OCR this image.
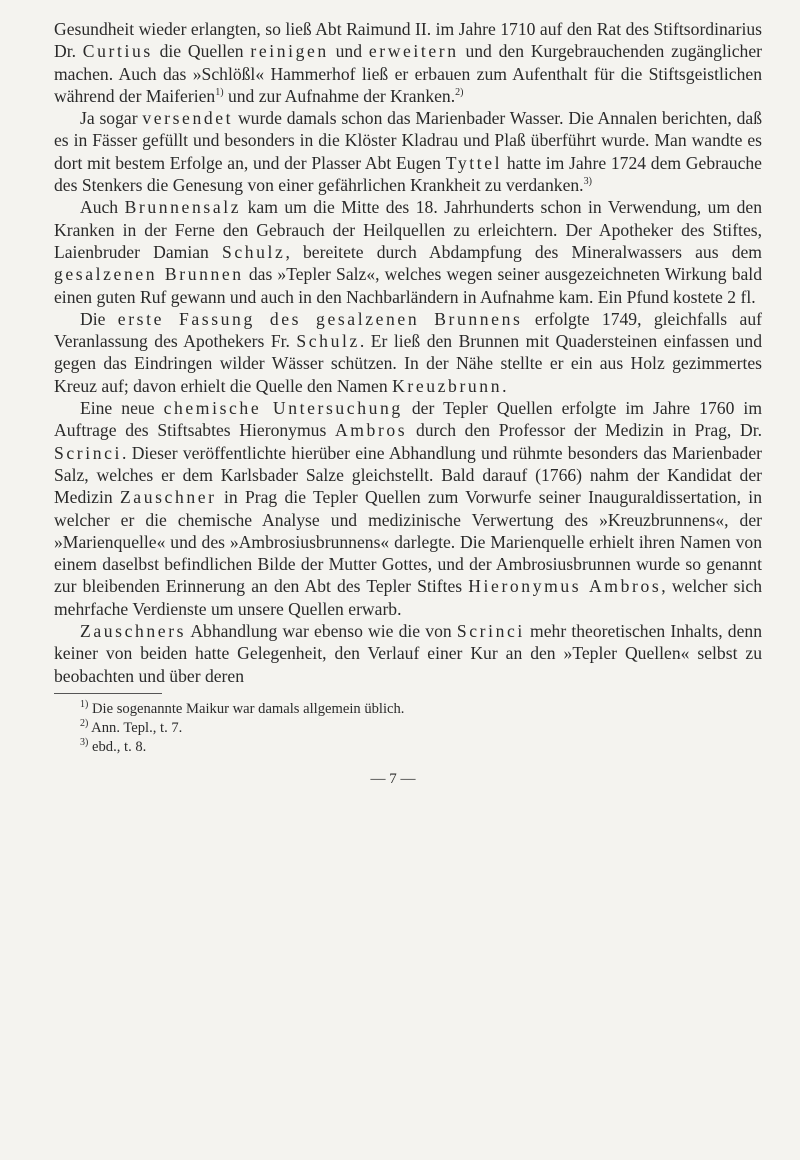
Gesundheit wieder erlangten, so ließ Abt Raimund II. im Jahre 1710 auf den Rat des Stiftsordinarius Dr. Curtius die Quellen reinigen und erweitern und den Kurgebrauchenden zugänglicher machen. Auch das »Schlößl« Hammerhof ließ er erbauen zum Aufenthalt für die Stiftsgeistlichen während der Maiferien$^{1)}$ und zur Aufnahme der Kranken.$^{2)}$

Ja sogar versendet wurde damals schon das Marienbader Wasser. Die Annalen berichten, daß es in Fässer gefüllt und besonders in die Klöster Kladrau und Plaß überführt wurde. Man wandte es dort mit bestem Erfolge an, und der Plasser Abt Eugen Tyttel hatte im Jahre 1724 dem Gebrauche des Stenkers die Genesung von einer gefährlichen Krankheit zu verdanken.$^{3)}$

Auch Brunnensalz kam um die Mitte des 18. Jahrhunderts schon in Verwendung, um den Kranken in der Ferne den Gebrauch der Heilquellen zu erleichtern. Der Apotheker des Stiftes, Laienbruder Damian Schulz, bereitete durch Abdampfung des Mineralwassers aus dem gesalzenen Brunnen das »Tepler Salz«, welches wegen seiner ausgezeichneten Wirkung bald einen guten Ruf gewann und auch in den Nachbarländern in Aufnahme kam. Ein Pfund kostete 2 fl.

Die erste Fassung des gesalzenen Brunnens erfolgte 1749, gleichfalls auf Veranlassung des Apothekers Fr. Schulz. Er ließ den Brunnen mit Quadersteinen einfassen und gegen das Eindringen wilder Wässer schützen. In der Nähe stellte er ein aus Holz gezimmertes Kreuz auf; davon erhielt die Quelle den Namen Kreuzbrunn.

Eine neue chemische Untersuchung der Tepler Quellen erfolgte im Jahre 1760 im Auftrage des Stiftsabtes Hieronymus Ambros durch den Professor der Medizin in Prag, Dr. Scrinci. Dieser veröffentlichte hierüber eine Abhandlung und rühmte besonders das Marienbader Salz, welches er dem Karlsbader Salze gleichstellt. Bald darauf (1766) nahm der Kandidat der Medizin Zauschner in Prag die Tepler Quellen zum Vorwurfe seiner Inauguraldissertation, in welcher er die chemische Analyse und medizinische Verwertung des »Kreuzbrunnens«, der »Marienquelle« und des »Ambrosiusbrunnens« darlegte. Die Marienquelle erhielt ihren Namen von einem daselbst befindlichen Bilde der Mutter Gottes, und der Ambrosiusbrunnen wurde so genannt zur bleibenden Erinnerung an den Abt des Tepler Stiftes Hieronymus Ambros, welcher sich mehrfache Verdienste um unsere Quellen erwarb.

Zauschners Abhandlung war ebenso wie die von Scrinci mehr theoretischen Inhalts, denn keiner von beiden hatte Gelegenheit, den Verlauf einer Kur an den »Tepler Quellen« selbst zu beobachten und über deren

$^{1)}$ Die sogenannte Maikur war damals allgemein üblich.

$^{2)}$ Ann. Tepl., t. 7.

$^{3)}$ ebd., t. 8.

— 7 —
